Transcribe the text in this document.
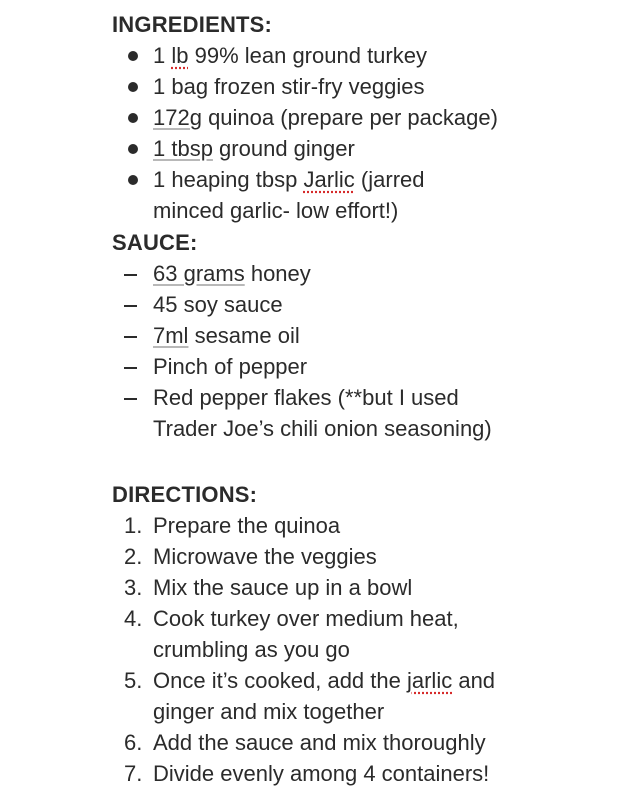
INGREDIENTS:
1 lb 99% lean ground turkey
1 bag frozen stir-fry veggies
172g quinoa (prepare per package)
1 tbsp ground ginger
1 heaping tbsp Jarlic (jarred
minced garlic- low effort!)
SAUCE:
63 grams honey
45 soy sauce
7ml sesame oil
Pinch of pepper
Red pepper flakes (**but I used
Trader Joe’s chili onion seasoning)
DIRECTIONS:
1. Prepare the quinoa
2. Microwave the veggies
3. Mix the sauce up in a bowl
4. Cook turkey over medium heat,
crumbling as you go
5. Once it’s cooked, add the jarlic and
ginger and mix together
6. Add the sauce and mix thoroughly
7. Divide evenly among 4 containers!
